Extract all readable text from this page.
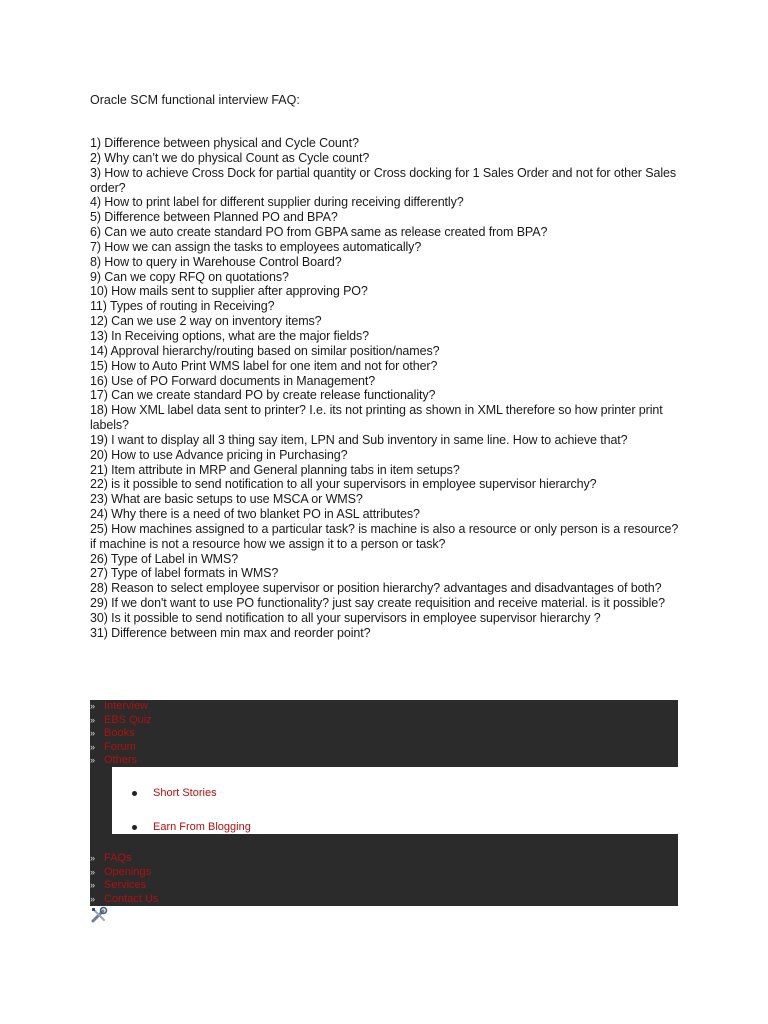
Oracle SCM functional interview FAQ:
1) Difference between physical and Cycle Count?
2) Why can’t we do physical Count as Cycle count?
3) How to achieve Cross Dock for partial quantity or Cross docking for 1 Sales Order and not for other Sales order?
4) How to print label for different supplier during receiving differently?
5) Difference between Planned PO and BPA?
6) Can we auto create standard PO from GBPA same as release created from BPA?
7) How we can assign the tasks to employees automatically?
8) How to query in Warehouse Control Board?
9) Can we copy RFQ on quotations?
10) How mails sent to supplier after approving PO?
11) Types of routing in Receiving?
12) Can we use 2 way on inventory items?
13) In Receiving options, what are the major fields?
14) Approval hierarchy/routing based on similar position/names?
15) How to Auto Print WMS label for one item and not for other?
16) Use of PO Forward documents in Management?
17) Can we create standard PO by create release functionality?
18) How XML label data sent to printer? I.e. its not printing as shown in XML therefore so how printer print labels?
19) I want to display all 3 thing say item, LPN and Sub inventory in same line. How to achieve that?
20) How to use Advance pricing in Purchasing?
21) Item attribute in MRP and General planning tabs in item setups?
22) is it possible to send notification to all your supervisors in employee supervisor hierarchy?
23) What are basic setups to use MSCA or WMS?
24) Why there is a need of two blanket PO in ASL attributes?
25) How machines assigned to a particular task? is machine is also a resource or only person is a resource? if machine is not a resource how we assign it to a person or task?
26) Type of Label in WMS?
27) Type of label formats in WMS?
28) Reason to select employee supervisor or position hierarchy? advantages and disadvantages of both?
29) If we don't want to use PO functionality? just say create requisition and receive material. is it possible?
30) Is it possible to send notification to all your supervisors in employee supervisor hierarchy ?
31) Difference between min max and reorder point?
» Interview
» EBS Quiz
» Books
» Forum
» Others
Short Stories
Earn From Blogging
» FAQs
» Openings
» Services
» Contact Us
